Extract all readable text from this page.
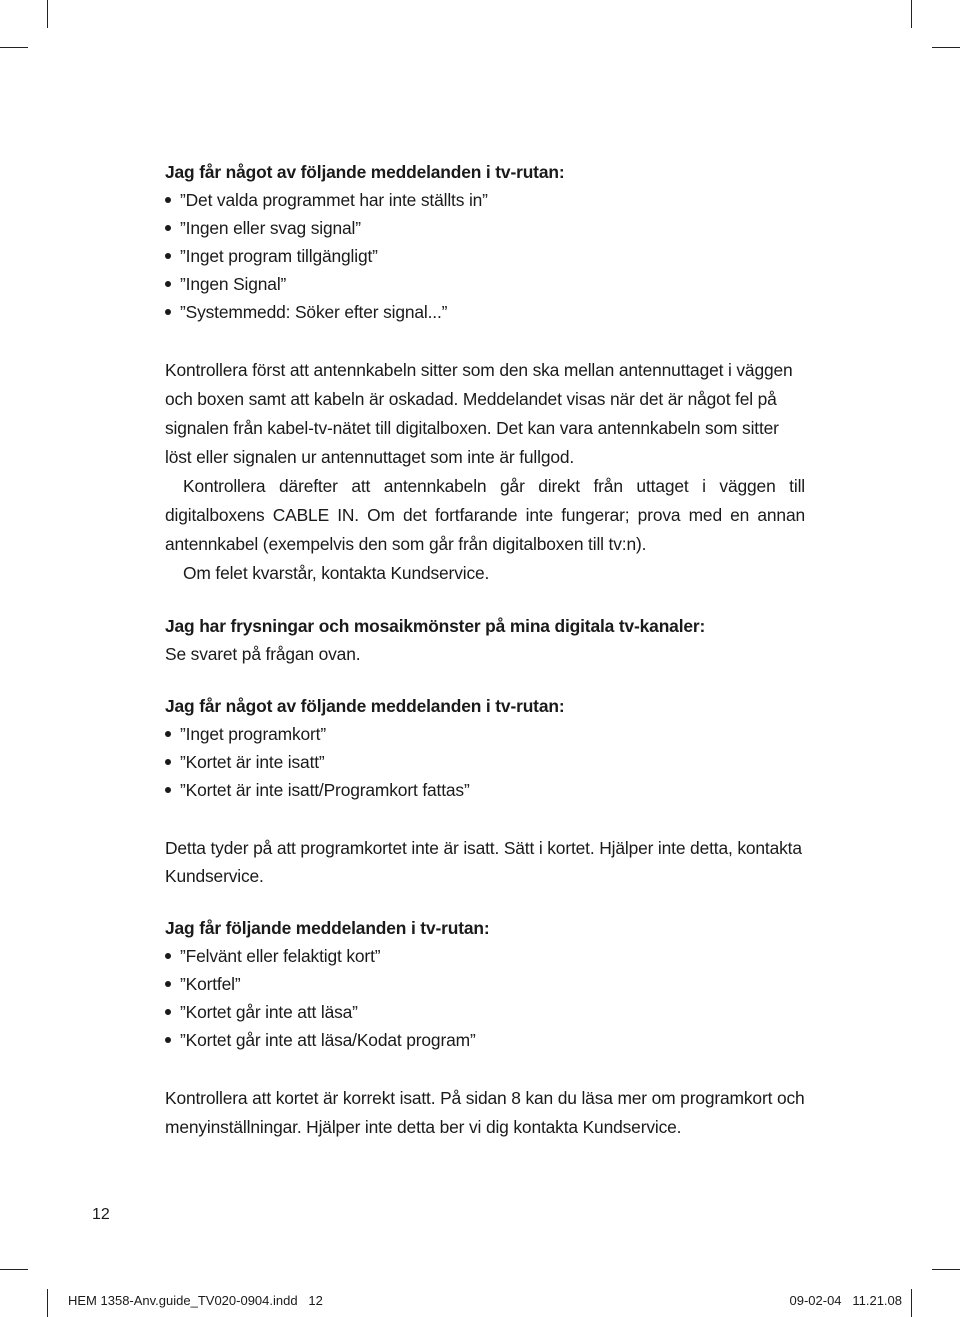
Jag får något av följande meddelanden i tv-rutan:
”Det valda programmet har inte ställts in”
”Ingen eller svag signal”
”Inget program tillgängligt”
”Ingen Signal”
”Systemmedd: Söker efter signal...”

Kontrollera först att antennkabeln sitter som den ska mellan antennuttaget i väggen och boxen samt att kabeln är oskadad. Meddelandet visas när det är något fel på signalen från kabel-tv-nätet till digitalboxen. Det kan vara antennkabeln som sitter löst eller signalen ur antennuttaget som inte är fullgod.

Kontrollera därefter att antennkabeln går direkt från uttaget i väggen till digitalboxens CABLE IN. Om det fortfarande inte fungerar; prova med en annan antennkabel (exempelvis den som går från digitalboxen till tv:n).

Om felet kvarstår, kontakta Kundservice.

Jag har frysningar och mosaikmönster på mina digitala tv-kanaler:

Se svaret på frågan ovan.

Jag får något av följande meddelanden i tv-rutan:
”Inget programkort”
”Kortet är inte isatt”
”Kortet är inte isatt/Programkort fattas”

Detta tyder på att programkortet inte är isatt. Sätt i kortet. Hjälper inte detta, kontakta Kundservice.

Jag får följande meddelanden i tv-rutan:
”Felvänt eller felaktigt kort”
”Kortfel”
”Kortet går inte att läsa”
”Kortet går inte att läsa/Kodat program”

Kontrollera att kortet är korrekt isatt. På sidan 8 kan du läsa mer om programkort och menyinställningar. Hjälper inte detta ber vi dig kontakta Kundservice.

12
HEM 1358-Anv.guide_TV020-0904.indd   12	09-02-04   11.21.08
